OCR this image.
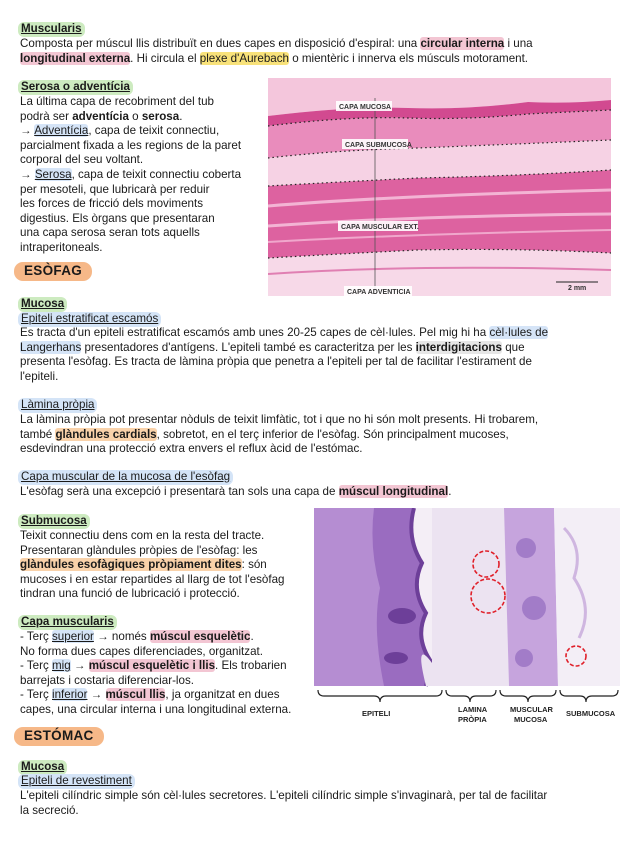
Muscularis
Composta per múscul llis distribuït en dues capes en disposició d'espiral: una circular interna i una
longitudinal externa. Hi circula el plexe d'Aurebach o mientèric i innerva els músculs motorament.
Serosa o adventícia
La última capa de recobriment del tub
podrà ser adventícia o serosa.
→ Adventícia, capa de teixit connectiu,
parcialment fixada a les regions de la paret
corporal del seu voltant.
→ Serosa, capa de teixit connectiu coberta
per mesoteli, que lubricarà per reduir
les forces de fricció dels moviments
digestius. Els òrgans que presentaran
una capa serosa seran tots aquells
intraperitoneals.
CAPA MUCOSA
CAPA SUBMUCOSA
CAPA MUSCULAR EXT.
CAPA ADVENTICIA
2 mm
ESÒFAG
Mucosa
Epiteli estratificat escamós
Es tracta d'un epiteli estratificat escamós amb unes 20-25 capes de cèl·lules. Pel mig hi ha cèl·lules de
Langerhans presentadores d'antígens. L'epiteli també es caracteritza per les interdigitacions que
presenta l'esòfag. Es tracta de làmina pròpia que penetra a l'epiteli per tal de facilitar l'estirament de
l'epiteli.
Làmina pròpia
La làmina pròpia pot presentar nòduls de teixit limfàtic, tot i que no hi són molt presents. Hi trobarem,
també glàndules cardials, sobretot, en el terç inferior de l'esòfag. Són principalment mucoses,
esdevindran una protecció extra envers el reflux àcid de l'estómac.
Capa muscular de la mucosa de l'esòfag
L'esòfag serà una excepció i presentarà tan sols una capa de múscul longitudinal.
Submucosa
Teixit connectiu dens com en la resta del tracte.
Presentaran glàndules pròpies de l'esòfag: les
glàndules esofàgiques pròpiament dites: són
mucoses i en estar repartides al llarg de tot l'esòfag
tindran una funció de lubricació i protecció.
Capa muscularis
- Terç superior → només múscul esquelètic.
No forma dues capes diferenciades, organitzat.
- Terç mig → múscul esquelètic i llis. Els trobarien
barrejats i costaria diferenciar-los.
- Terç inferior → múscul llis, ja organitzat en dues
capes, una circular interna i una longitudinal externa.	EPITELI	LAMINA
PRÒPIA
MUSCULAR
MUCOSA
SUBMUCOSA
ESTÓMAC
Mucosa
Epiteli de revestiment
L'epiteli cilíndric simple són cèl·lules secretores. L'epiteli cilíndric simple s'invaginarà, per tal de facilitar
la secreció.
